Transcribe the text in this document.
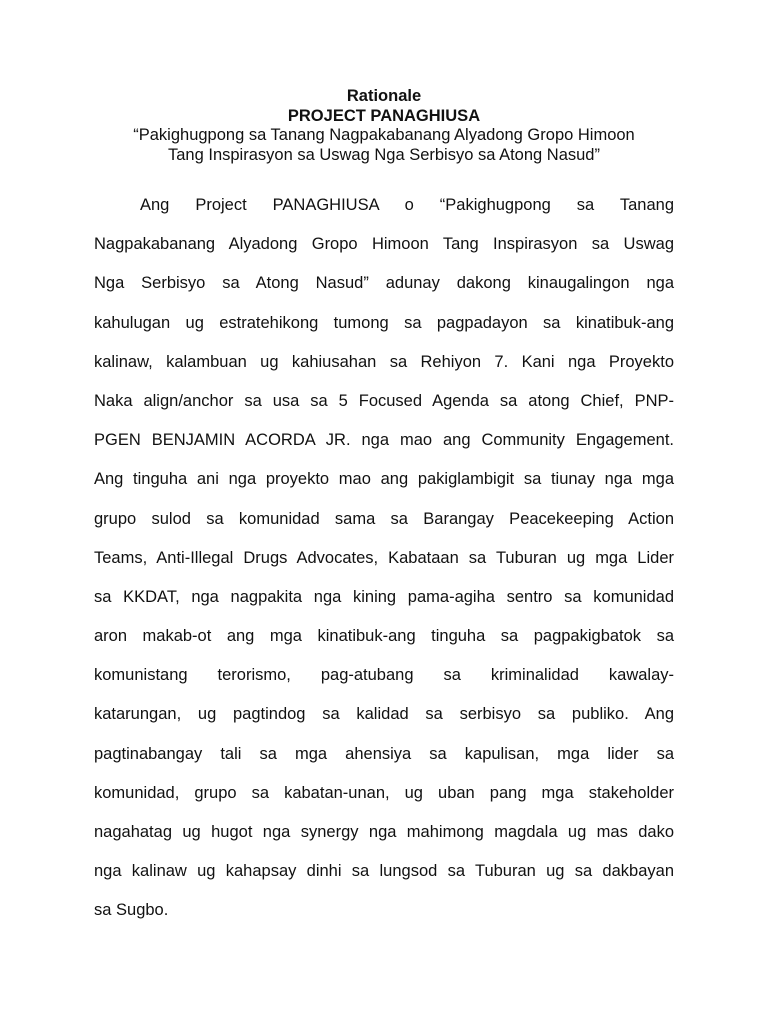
Rationale
PROJECT PANAGHIUSA
“Pakighugpong sa Tanang Nagpakabanang Alyadong Gropo Himoon
Tang Inspirasyon sa Uswag Nga Serbisyo sa Atong Nasud”
Ang Project PANAGHIUSA o “Pakighugpong sa Tanang
Nagpakabanang Alyadong Gropo Himoon Tang Inspirasyon sa Uswag
Nga Serbisyo sa Atong Nasud” adunay dakong kinaugalingon nga
kahulugan ug estratehikong tumong sa pagpadayon sa kinatibuk-ang
kalinaw, kalambuan ug kahiusahan sa Rehiyon 7. Kani nga Proyekto
Naka align/anchor sa usa sa 5 Focused Agenda sa atong Chief, PNP-
PGEN BENJAMIN ACORDA JR. nga mao ang Community Engagement.
Ang tinguha ani nga proyekto mao ang pakiglambigit sa tiunay nga mga
grupo sulod sa komunidad sama sa Barangay Peacekeeping Action
Teams, Anti-Illegal Drugs Advocates, Kabataan sa Tuburan ug mga Lider
sa KKDAT, nga nagpakita nga kining pama-agiha sentro sa komunidad
aron makab-ot ang mga kinatibuk-ang tinguha sa pagpakigbatok sa
komunistang terorismo, pag-atubang sa kriminalidad kawalay-
katarungan, ug pagtindog sa kalidad sa serbisyo sa publiko. Ang
pagtinabangay tali sa mga ahensiya sa kapulisan, mga lider sa
komunidad, grupo sa kabatan-unan, ug uban pang mga stakeholder
nagahatag ug hugot nga synergy nga mahimong magdala ug mas dako
nga kalinaw ug kahapsay dinhi sa lungsod sa Tuburan ug sa dakbayan
sa Sugbo.
